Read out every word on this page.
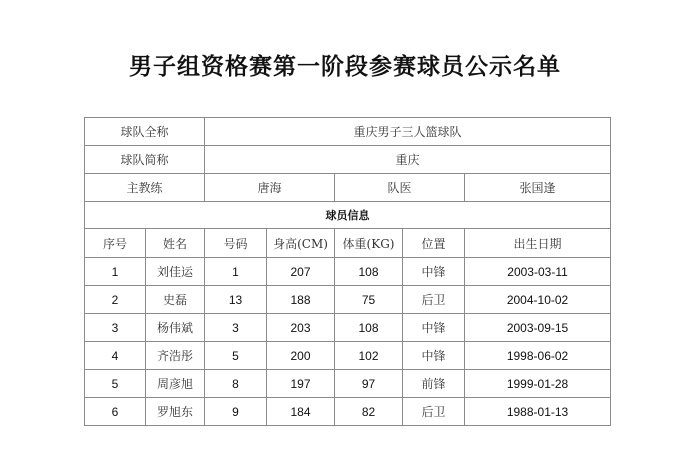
男子组资格赛第一阶段参赛球员公示名单
球队全称		重庆男子三人篮球队				
球队简称		重庆				
主教练		唐海		队医		张国逢
球员信息						
序号	姓名	号码	身高(CM)	体重(KG)	位置	出生日期
1	刘佳运	1	207	108	中锋	2003-03-11
2	史磊	13	188	75	后卫	2004-10-02
3	杨伟斌	3	203	108	中锋	2003-09-15
4	齐浩彤	5	200	102	中锋	1998-06-02
5	周彦旭	8	197	97	前锋	1999-01-28
6	罗旭东	9	184	82	后卫	1988-01-13
